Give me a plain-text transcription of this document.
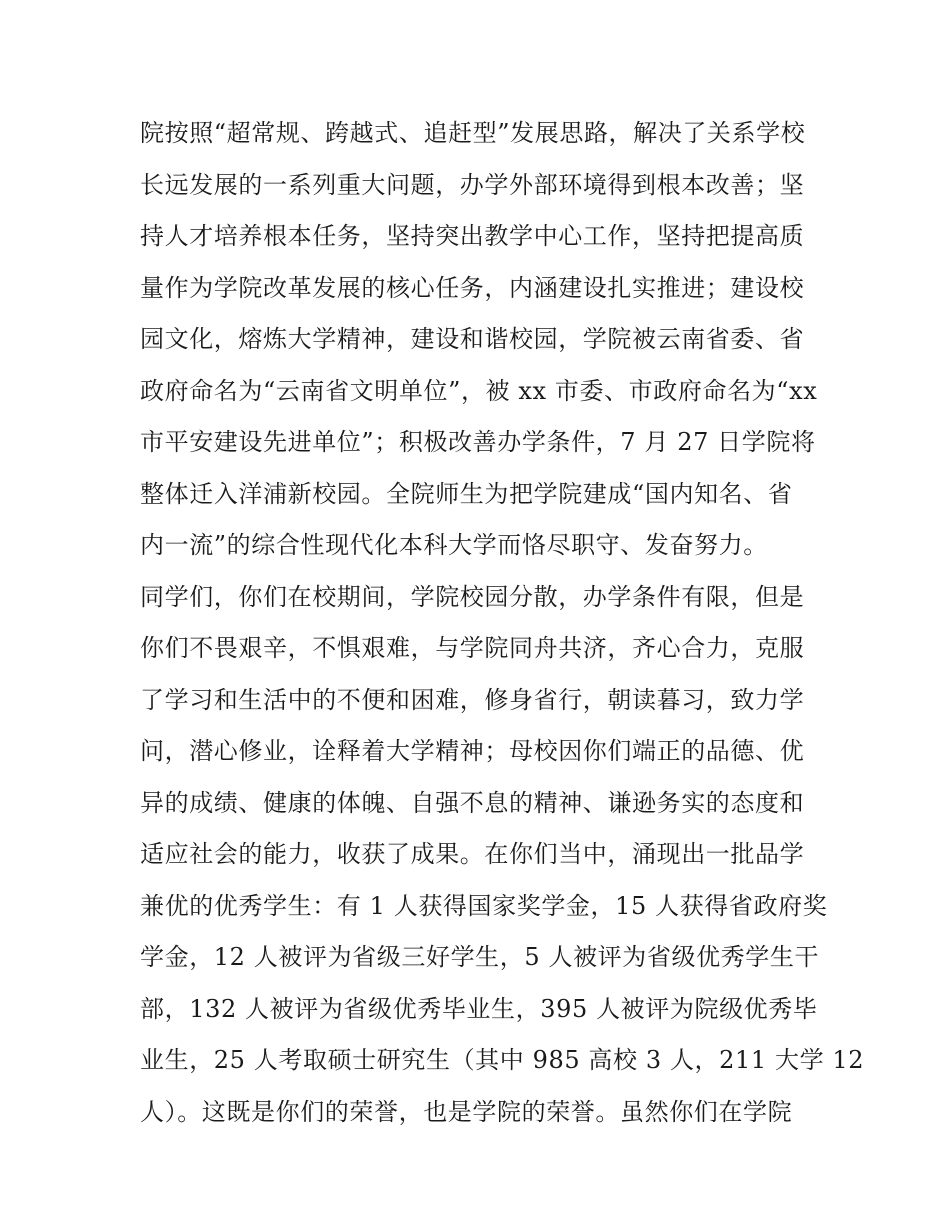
院按照“超常规、跨越式、追赶型”发展思路，解决了关系学校
长远发展的一系列重大问题，办学外部环境得到根本改善；坚
持人才培养根本任务，坚持突出教学中心工作，坚持把提高质
量作为学院改革发展的核心任务，内涵建设扎实推进；建设校
园文化，熔炼大学精神，建设和谐校园，学院被云南省委、省
政府命名为“云南省文明单位”，被 xx 市委、市政府命名为“xx
市平安建设先进单位”；积极改善办学条件，7 月 27 日学院将
整体迁入洋浦新校园。全院师生为把学院建成“国内知名、省
内一流”的综合性现代化本科大学而恪尽职守、发奋努力。
同学们，你们在校期间，学院校园分散，办学条件有限，但是
你们不畏艰辛，不惧艰难，与学院同舟共济，齐心合力，克服
了学习和生活中的不便和困难，修身省行，朝读暮习，致力学
问，潜心修业，诠释着大学精神；母校因你们端正的品德、优
异的成绩、健康的体魄、自强不息的精神、谦逊务实的态度和
适应社会的能力，收获了成果。在你们当中，涌现出一批品学
兼优的优秀学生：有 1 人获得国家奖学金，15 人获得省政府奖
学金，12 人被评为省级三好学生，5 人被评为省级优秀学生干
部，132 人被评为省级优秀毕业生，395 人被评为院级优秀毕
业生，25 人考取硕士研究生（其中 985 高校 3 人，211 大学 12
人）。这既是你们的荣誉，也是学院的荣誉。虽然你们在学院
